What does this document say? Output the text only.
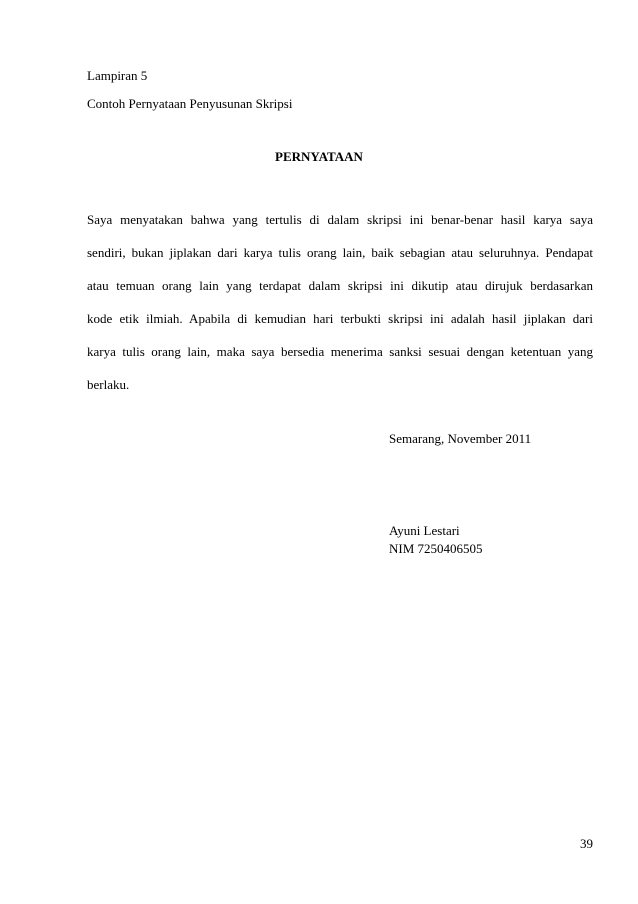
Lampiran 5
Contoh Pernyataan Penyusunan Skripsi
PERNYATAAN
Saya menyatakan bahwa yang tertulis di dalam skripsi ini benar-benar hasil karya saya
sendiri, bukan jiplakan dari karya tulis orang lain, baik sebagian atau seluruhnya. Pendapat
atau temuan orang lain yang terdapat dalam skripsi ini dikutip atau dirujuk berdasarkan
kode etik ilmiah. Apabila di kemudian hari terbukti skripsi ini adalah hasil jiplakan dari
karya tulis orang lain, maka saya bersedia menerima sanksi sesuai dengan ketentuan yang
berlaku.
Semarang, November 2011
Ayuni Lestari
NIM 7250406505
39
